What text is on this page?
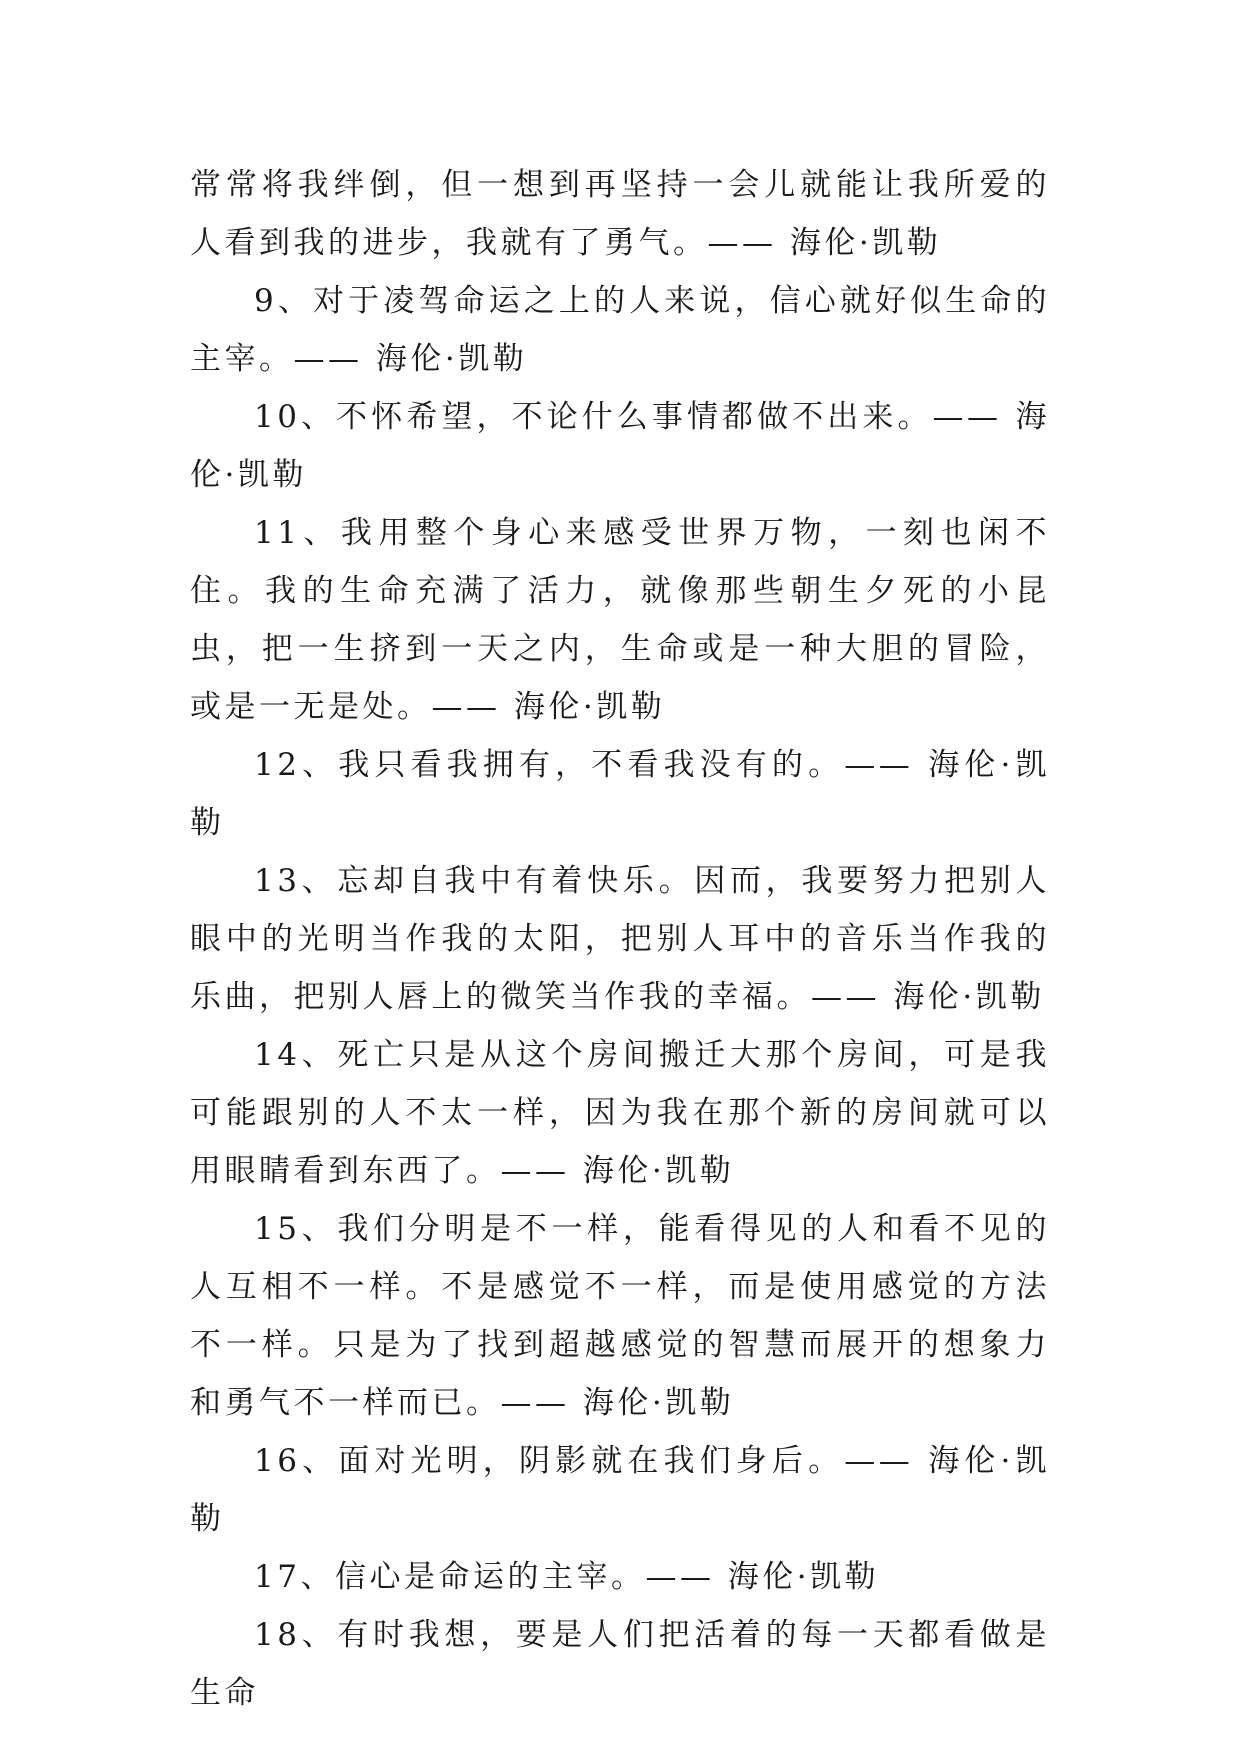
常常将我绊倒，但一想到再坚持一会儿就能让我所爱的人看到我的进步，我就有了勇气。—— 海伦·凯勒

9、对于凌驾命运之上的人来说，信心就好似生命的主宰。—— 海伦·凯勒

10、不怀希望，不论什么事情都做不出来。—— 海伦·凯勒

11、我用整个身心来感受世界万物，一刻也闲不住。我的生命充满了活力，就像那些朝生夕死的小昆虫，把一生挤到一天之内，生命或是一种大胆的冒险，或是一无是处。—— 海伦·凯勒

12、我只看我拥有，不看我没有的。—— 海伦·凯勒

13、忘却自我中有着快乐。因而，我要努力把别人眼中的光明当作我的太阳，把别人耳中的音乐当作我的乐曲，把别人唇上的微笑当作我的幸福。—— 海伦·凯勒

14、死亡只是从这个房间搬迁大那个房间，可是我可能跟别的人不太一样，因为我在那个新的房间就可以用眼睛看到东西了。—— 海伦·凯勒

15、我们分明是不一样，能看得见的人和看不见的人互相不一样。不是感觉不一样，而是使用感觉的方法不一样。只是为了找到超越感觉的智慧而展开的想象力和勇气不一样而已。—— 海伦·凯勒

16、面对光明，阴影就在我们身后。—— 海伦·凯勒

17、信心是命运的主宰。—— 海伦·凯勒

18、有时我想，要是人们把活着的每一天都看做是生命
